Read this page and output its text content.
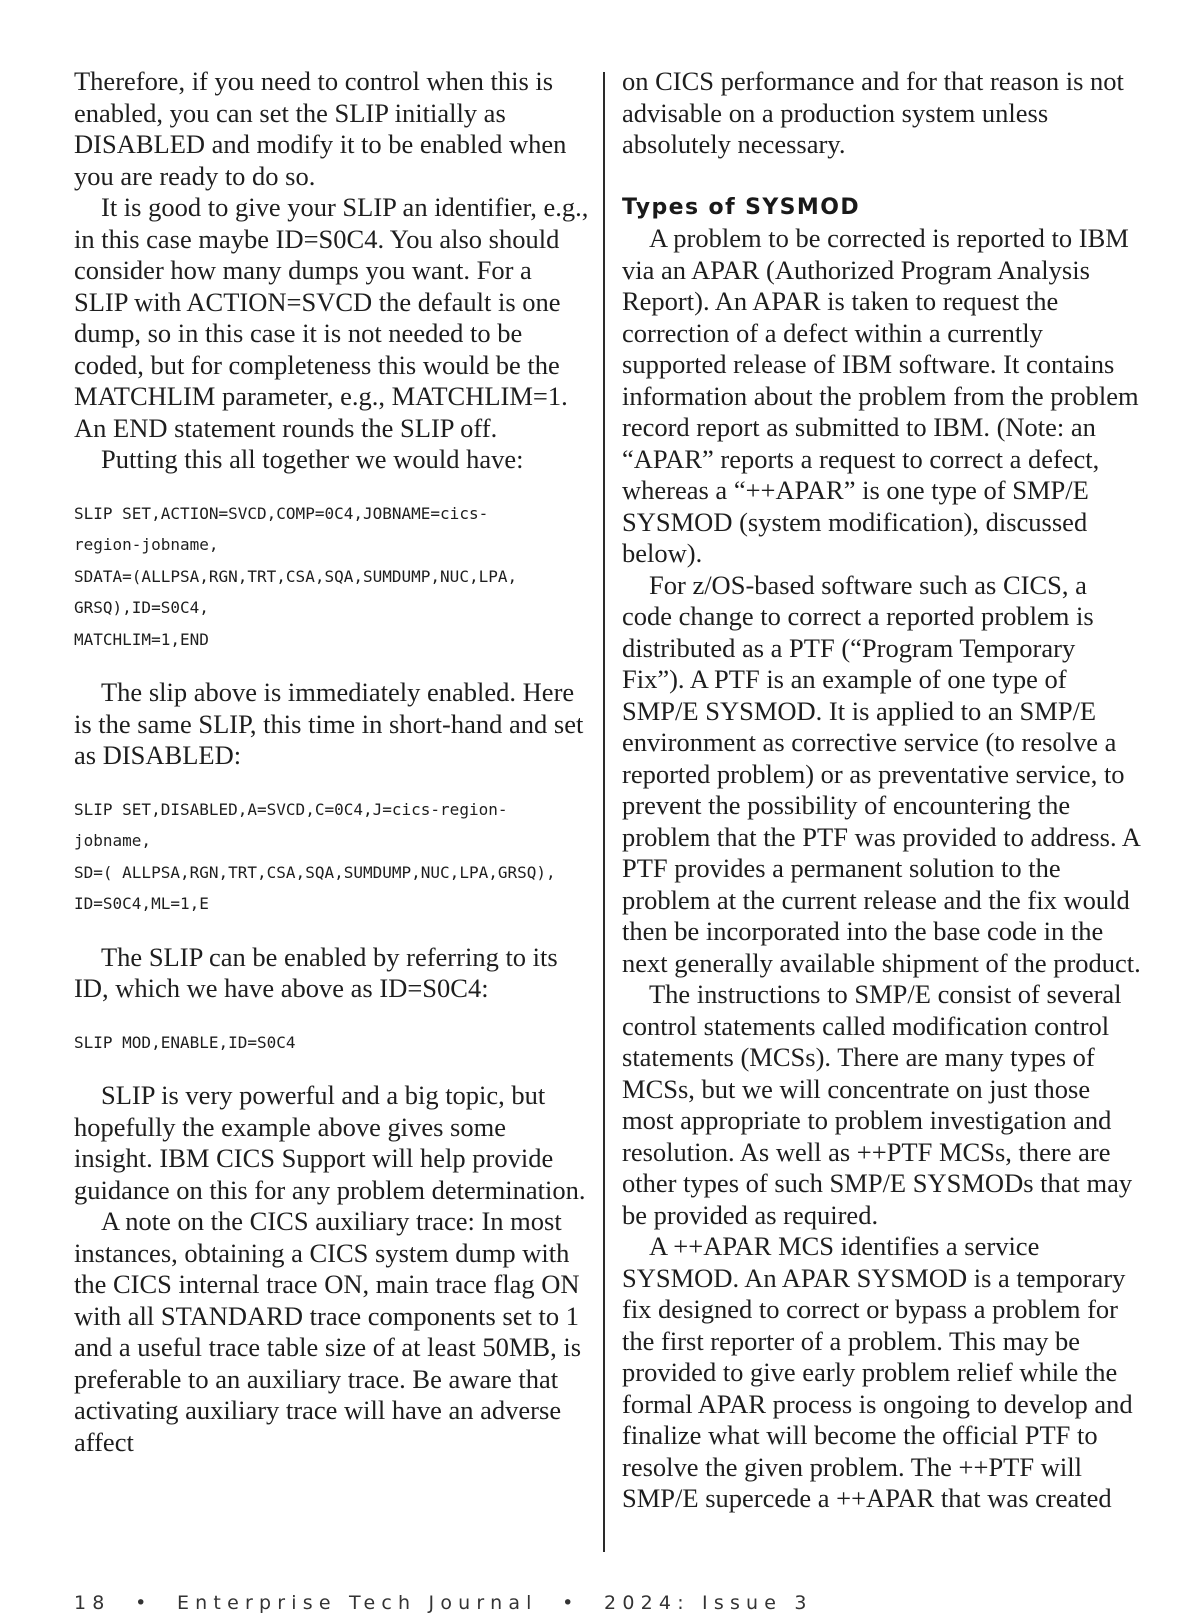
Therefore, if you need to control when this is enabled, you can set the SLIP initially as DISABLED and modify it to be enabled when you are ready to do so.

It is good to give your SLIP an identifier, e.g., in this case maybe ID=S0C4. You also should consider how many dumps you want. For a SLIP with ACTION=SVCD the default is one dump, so in this case it is not needed to be coded, but for completeness this would be the MATCHLIM parameter, e.g., MATCHLIM=1. An END statement rounds the SLIP off.

Putting this all together we would have:

SLIP SET,ACTION=SVCD,COMP=0C4,JOBNAME=cics-
region-jobname,
SDATA=(ALLPSA,RGN,TRT,CSA,SQA,SUMDUMP,NUC,LPA,
GRSQ),ID=S0C4,
MATCHLIM=1,END

The slip above is immediately enabled. Here is the same SLIP, this time in short-hand and set as DISABLED:

SLIP SET,DISABLED,A=SVCD,C=0C4,J=cics-region-
jobname,
SD=( ALLPSA,RGN,TRT,CSA,SQA,SUMDUMP,NUC,LPA,GRSQ),
ID=S0C4,ML=1,E

The SLIP can be enabled by referring to its ID, which we have above as ID=S0C4:

SLIP MOD,ENABLE,ID=S0C4

SLIP is very powerful and a big topic, but hopefully the example above gives some insight. IBM CICS Support will help provide guidance on this for any problem determination.

A note on the CICS auxiliary trace: In most instances, obtaining a CICS system dump with the CICS internal trace ON, main trace flag ON with all STANDARD trace components set to 1 and a useful trace table size of at least 50MB, is preferable to an auxiliary trace. Be aware that activating auxiliary trace will have an adverse affect

on CICS performance and for that reason is not advisable on a production system unless absolutely necessary.

Types of SYSMOD

A problem to be corrected is reported to IBM via an APAR (Authorized Program Analysis Report). An APAR is taken to request the correction of a defect within a currently supported release of IBM software. It contains information about the problem from the problem record report as submitted to IBM. (Note: an “APAR” reports a request to correct a defect, whereas a “++APAR” is one type of SMP/E SYSMOD (system modification), discussed below).

For z/OS-based software such as CICS, a code change to correct a reported problem is distributed as a PTF (“Program Temporary Fix”). A PTF is an example of one type of SMP/E SYSMOD. It is applied to an SMP/E environment as corrective service (to resolve a reported problem) or as preventative service, to prevent the possibility of encountering the problem that the PTF was provided to address. A PTF provides a permanent solution to the problem at the current release and the fix would then be incorporated into the base code in the next generally available shipment of the product.

The instructions to SMP/E consist of several control statements called modification control statements (MCSs). There are many types of MCSs, but we will concentrate on just those most appropriate to problem investigation and resolution. As well as ++PTF MCSs, there are other types of such SMP/E SYSMODs that may be provided as required.

A ++APAR MCS identifies a service SYSMOD. An APAR SYSMOD is a temporary fix designed to correct or bypass a problem for the first reporter of a problem. This may be provided to give early problem relief while the formal APAR process is ongoing to develop and finalize what will become the official PTF to resolve the given problem. The ++PTF will SMP/E supercede a ++APAR that was created

18 • Enterprise Tech Journal • 2024: Issue 3
